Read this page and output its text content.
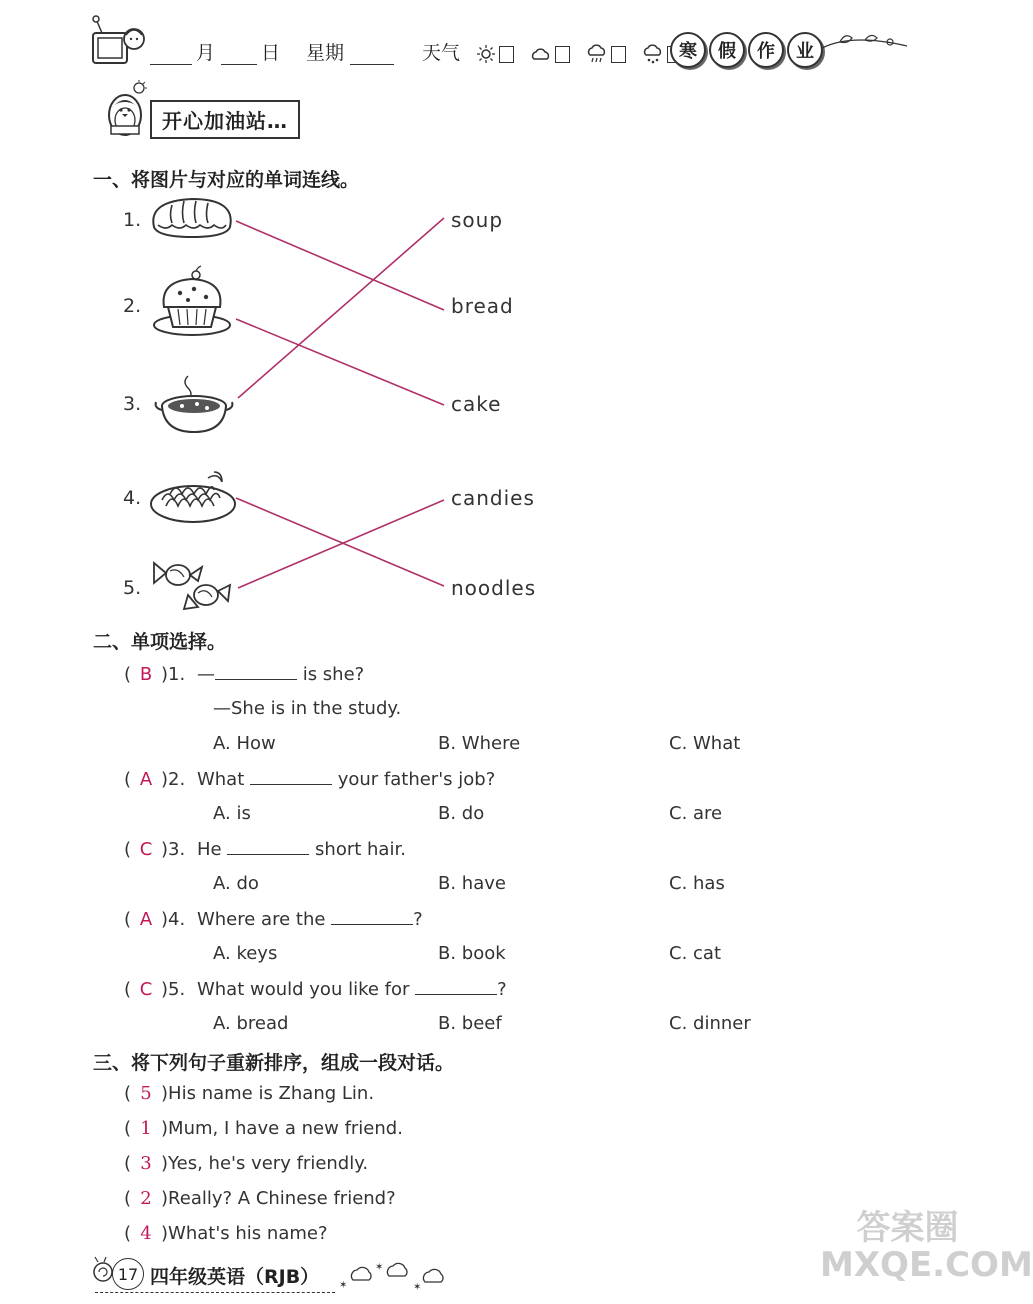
月 日 星期	天气	寒	假	作	业
开心加油站…
一、将图片与对应的单词连线。
1.
2.
3.
4.
5.
soup
bread
cake
candies
noodles
二、单项选择。
( B )1. —	is she?
—She is in the study.
A. How	B. Where	C. What
( A )2. What	your father's job?
A. is	B. do	C. are
( C )3. He	short hair.
A. do	B. have	C. has
( A )4. Where are the	?
A. keys	B. book	C. cat
( C )5. What would you like for	?
A. bread	B. beef	C. dinner
三、将下列句子重新排序，组成一段对话。
( 5 )His name is Zhang Lin.
( 1 )Mum, I have a new friend.
( 3 )Yes, he's very friendly.
( 2 )Really? A Chinese friend?
( 4 )What's his name?
17 四年级英语（RJB） ✶
✶
✶
答案圈 MXQE.COM
